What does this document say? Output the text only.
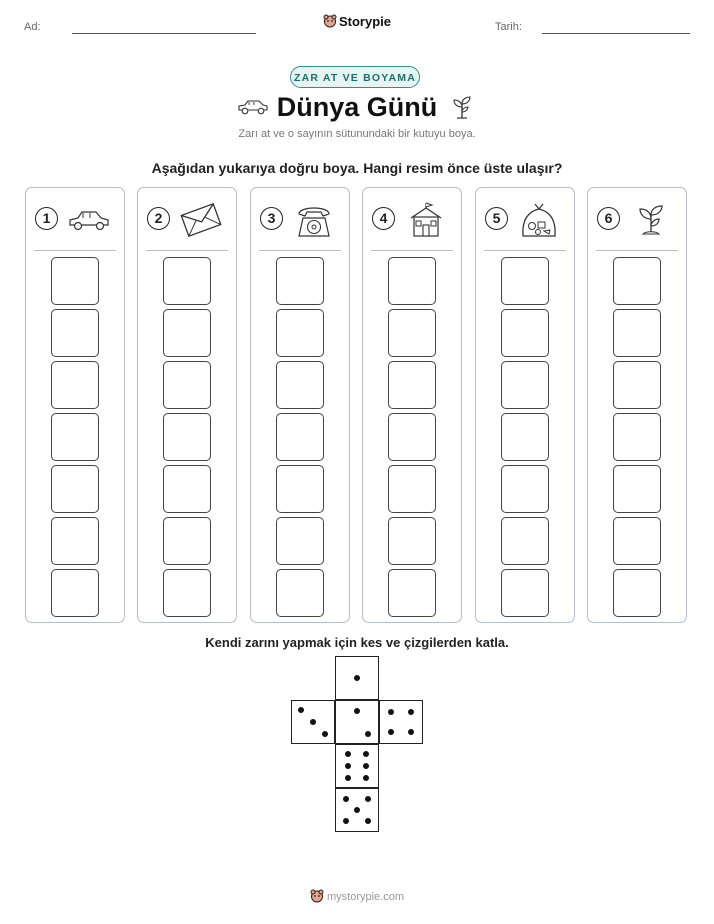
Ad:	Storypie	Tarih:
ZAR AT VE BOYAMA
Dünya Günü
Zarı at ve o sayının sütunundaki bir kutuyu boya.
Aşağıdan yukarıya doğru boya. Hangi resim önce üste ulaşır?
1	2	3	4	5	6
Kendi zarını yapmak için kes ve çizgilerden katla.
mystorypie.com
